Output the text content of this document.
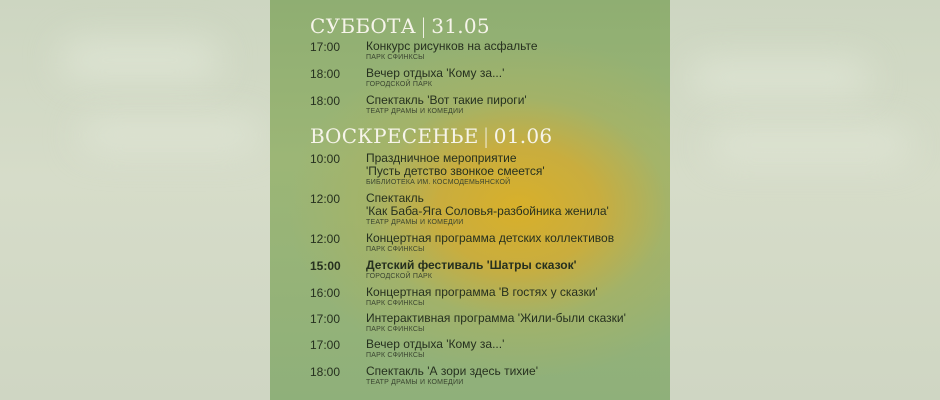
СУББОТА | 31.05
17:00	Конкурс рисунков на асфальте
ПАРК СФИНКСЫ
18:00	Вечер отдыха 'Кому за...'
ГОРОДСКОЙ ПАРК
18:00	Спектакль 'Вот такие пироги'
ТЕАТР ДРАМЫ И КОМЕДИИ
ВОСКРЕСЕНЬЕ | 01.06
10:00	Праздничное мероприятие
'Пусть детство звонкое смеется'
БИБЛИОТЕКА ИМ. КОСМОДЕМЬЯНСКОЙ
12:00	Спектакль
'Как Баба-Яга Соловья-разбойника женила'
ТЕАТР ДРАМЫ И КОМЕДИИ
12:00	Концертная программа детских коллективов
ПАРК СФИНКСЫ
15:00	Детский фестиваль 'Шатры сказок'
ГОРОДСКОЙ ПАРК
16:00	Концертная программа 'В гостях у сказки'
ПАРК СФИНКСЫ
17:00	Интерактивная программа 'Жили-были сказки'
ПАРК СФИНКСЫ
17:00	Вечер отдыха 'Кому за...'
ПАРК СФИНКСЫ
18:00	Спектакль 'А зори здесь тихие'
ТЕАТР ДРАМЫ И КОМЕДИИ
